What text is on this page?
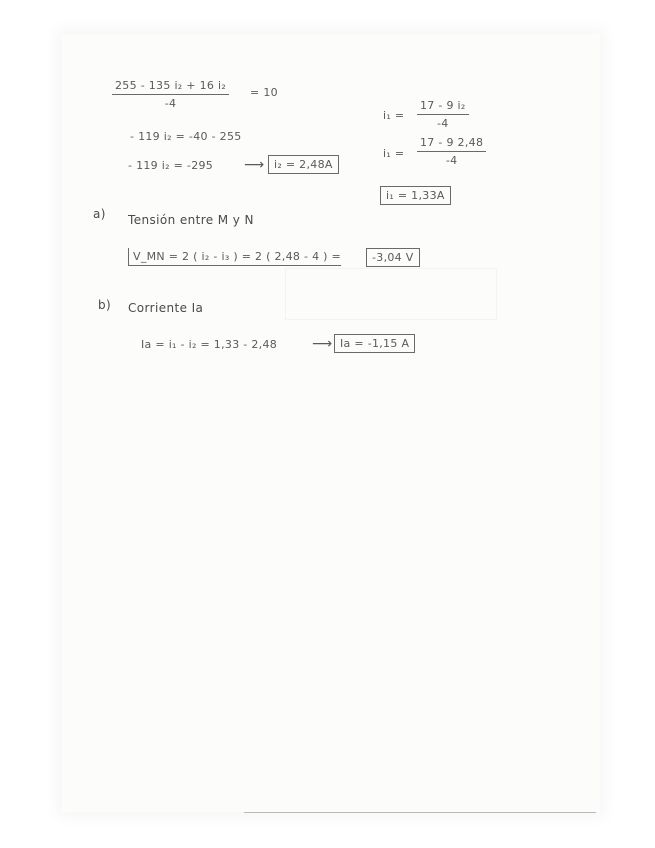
$\frac{\text{255 - 135 i₂ + 16 i₂}}{-4} = 10$
- 119 i₂ = -40 - 255
- 119 i₂ = -295 ⟶ i₂ = 2,48A
$i_1 = \frac{\text{17 - 9 i₂}}{-4}$
$i_1 = \frac{17 - 9 2,48}{-4}$
i₁ = 1,33A
a) Tensión entre M y N
V_MN = 2 ( i₂ - i₃ ) = 2 ( 2,48 - 4 ) =	-3,04 V
b) Corriente Ia
Ia = i₁ - i₂ = 1,33 - 2,48 ⟶ Ia = -1,15 A
